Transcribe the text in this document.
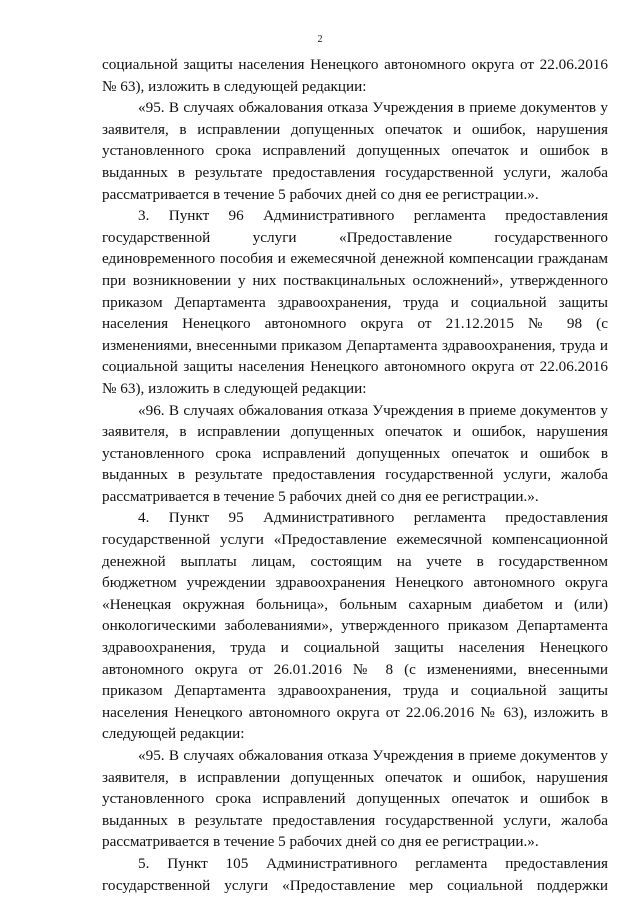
2
социальной защиты населения Ненецкого автономного округа от 22.06.2016
№ 63), изложить в следующей редакции:
«95. В случаях обжалования отказа Учреждения в приеме документов у
заявителя, в исправлении допущенных опечаток и ошибок, нарушения
установленного срока исправлений допущенных опечаток и ошибок в
выданных в результате предоставления государственной услуги, жалоба
рассматривается в течение 5 рабочих дней со дня ее регистрации.».
3. Пункт 96 Административного регламента предоставления
государственной услуги «Предоставление государственного
единовременного пособия и ежемесячной денежной компенсации гражданам
при возникновении у них поствакцинальных осложнений», утвержденного
приказом Департамента здравоохранения, труда и социальной защиты
населения Ненецкого автономного округа от 21.12.2015 № 98 (с
изменениями, внесенными приказом Департамента здравоохранения, труда и
социальной защиты населения Ненецкого автономного округа от 22.06.2016
№ 63), изложить в следующей редакции:
«96. В случаях обжалования отказа Учреждения в приеме документов у
заявителя, в исправлении допущенных опечаток и ошибок, нарушения
установленного срока исправлений допущенных опечаток и ошибок в
выданных в результате предоставления государственной услуги, жалоба
рассматривается в течение 5 рабочих дней со дня ее регистрации.».
4. Пункт 95 Административного регламента предоставления
государственной услуги «Предоставление ежемесячной компенсационной
денежной выплаты лицам, состоящим на учете в государственном
бюджетном учреждении здравоохранения Ненецкого автономного округа
«Ненецкая окружная больница», больным сахарным диабетом и (или)
онкологическими заболеваниями», утвержденного приказом Департамента
здравоохранения, труда и социальной защиты населения Ненецкого
автономного округа от 26.01.2016 № 8 (с изменениями, внесенными
приказом Департамента здравоохранения, труда и социальной защиты
населения Ненецкого автономного округа от 22.06.2016 № 63), изложить в
следующей редакции:
«95. В случаях обжалования отказа Учреждения в приеме документов у
заявителя, в исправлении допущенных опечаток и ошибок, нарушения
установленного срока исправлений допущенных опечаток и ошибок в
выданных в результате предоставления государственной услуги, жалоба
рассматривается в течение 5 рабочих дней со дня ее регистрации.».
5. Пункт 105 Административного регламента предоставления
государственной услуги «Предоставление мер социальной поддержки
